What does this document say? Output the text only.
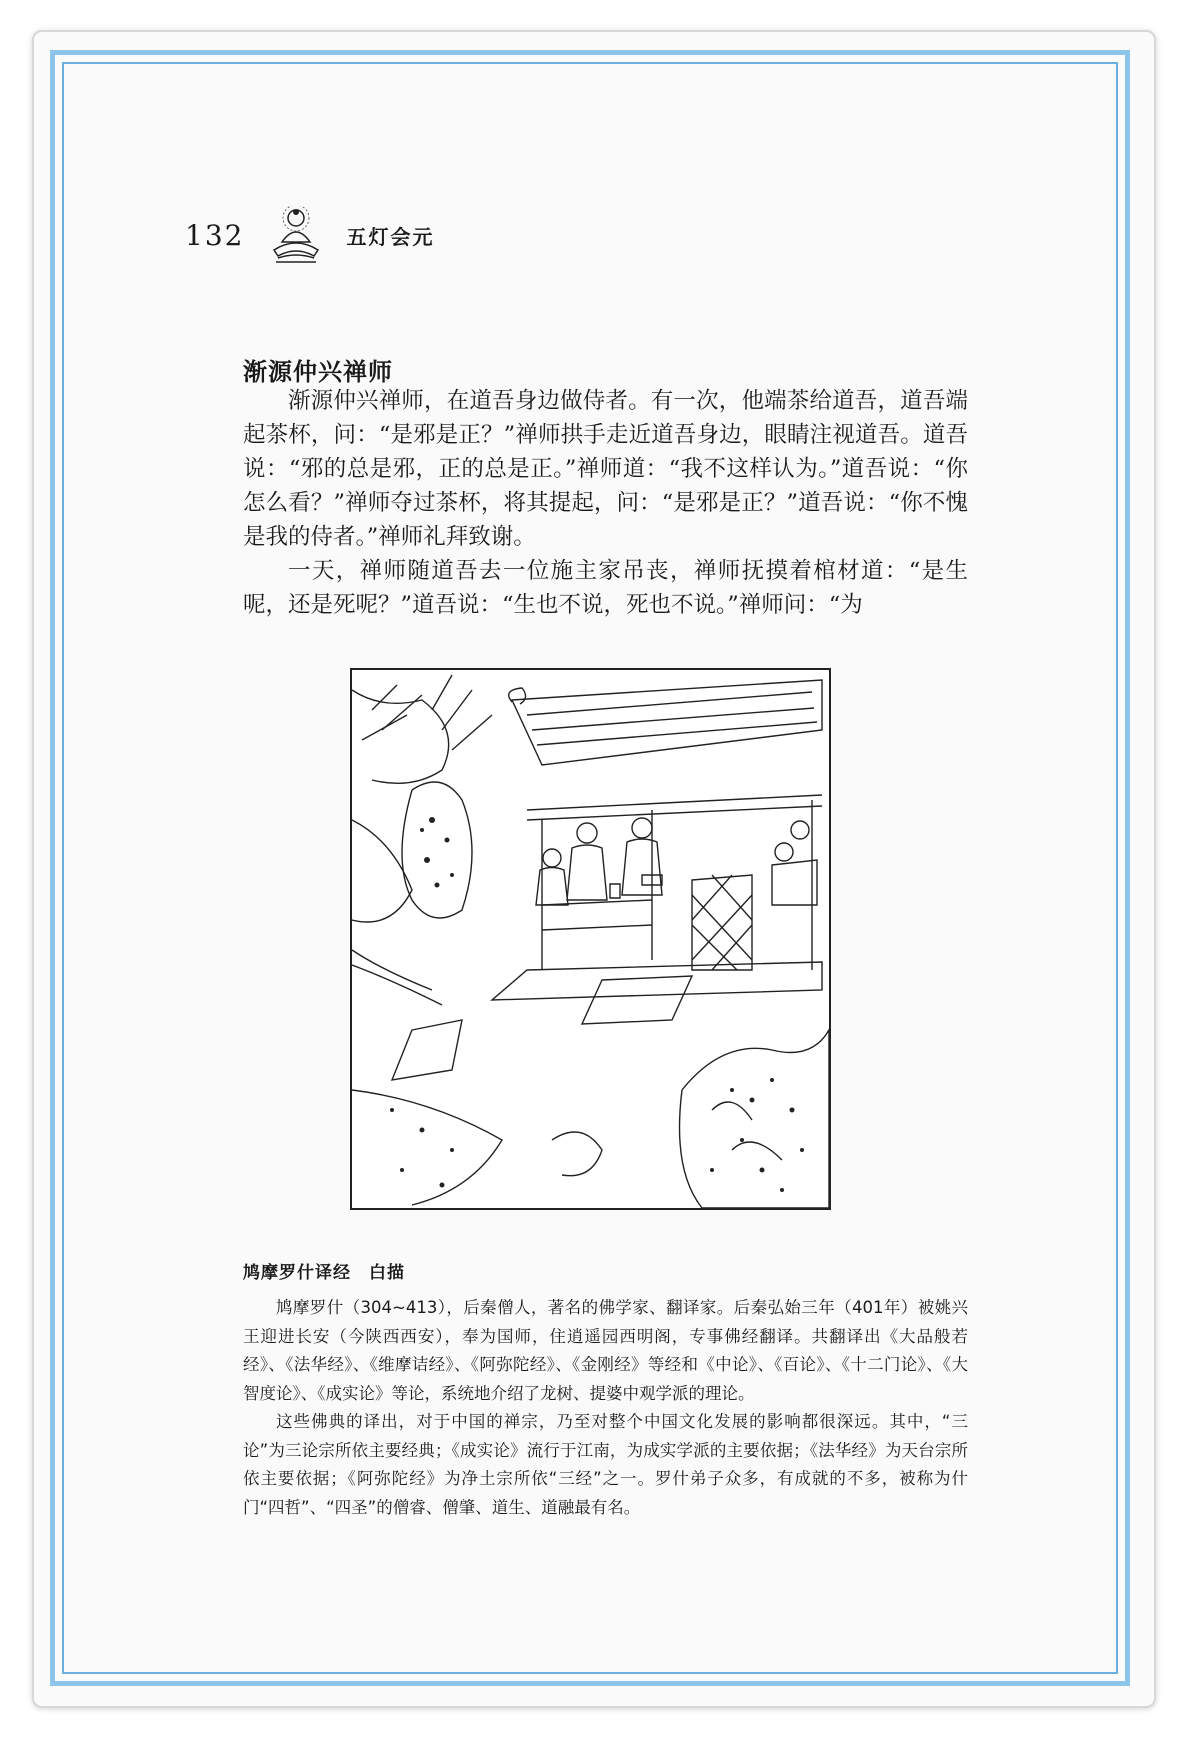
132	五灯会元
渐源仲兴禅师

渐源仲兴禅师，在道吾身边做侍者。有一次，他端茶给道吾，道吾端起茶杯，问：“是邪是正？”禅师拱手走近道吾身边，眼睛注视道吾。道吾说：“邪的总是邪，正的总是正。”禅师道：“我不这样认为。”道吾说：“你怎么看？”禅师夺过茶杯，将其提起，问：“是邪是正？”道吾说：“你不愧是我的侍者。”禅师礼拜致谢。

一天，禅师随道吾去一位施主家吊丧，禅师抚摸着棺材道：“是生呢，还是死呢？”道吾说：“生也不说，死也不说。”禅师问：“为

鸠摩罗什译经　白描

鸠摩罗什（304~413），后秦僧人，著名的佛学家、翻译家。后秦弘始三年（401年）被姚兴王迎进长安（今陕西西安），奉为国师，住逍遥园西明阁，专事佛经翻译。共翻译出《大品般若经》、《法华经》、《维摩诘经》、《阿弥陀经》、《金刚经》等经和《中论》、《百论》、《十二门论》、《大智度论》、《成实论》等论，系统地介绍了龙树、提婆中观学派的理论。

这些佛典的译出，对于中国的禅宗，乃至对整个中国文化发展的影响都很深远。其中，“三论”为三论宗所依主要经典；《成实论》流行于江南，为成实学派的主要依据；《法华经》为天台宗所依主要依据；《阿弥陀经》为净土宗所依“三经”之一。罗什弟子众多，有成就的不多，被称为什门“四哲”、“四圣”的僧睿、僧肇、道生、道融最有名。
